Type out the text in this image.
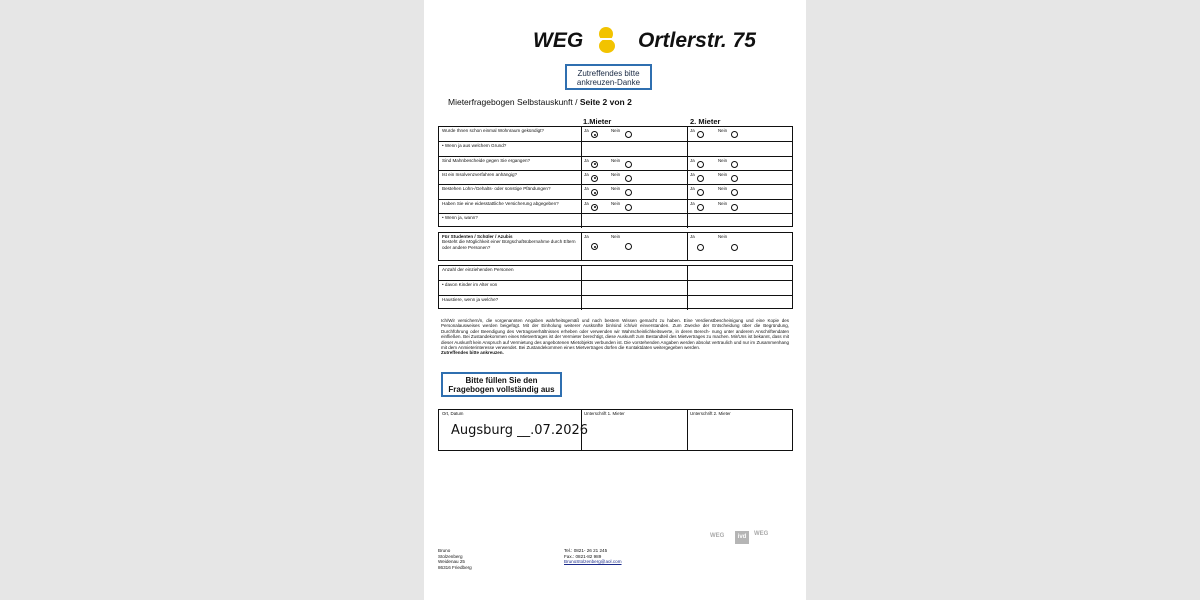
WEG	Ortlerstr. 75
Zutreffendes bitte
ankreuzen-Danke
Mieterfragebogen Selbstauskunft / Seite 2 von 2
1.Mieter	2. Mieter
Wurde Ihnen schon einmal Wohnraum gekündigt?	Ja	Nein	Ja	Nein
• Wenn ja aus welchem Grund?
Sind Mahnbescheide gegen Sie ergangen?	Ja	Nein	Ja	Nein
Ist ein Insolvenzverfahren anhängig?	Ja	Nein	Ja	Nein
Bestehen Lohn-/Gehalts- oder sonstige Pfändungen?	Ja	Nein	Ja	Nein
Haben Sie eine eidesstattliche Versicherung abgegeben?	Ja	Nein	Ja	Nein
• Wenn ja, wann?
Für Studenten / Schüler / Azubis
Besteht die Möglichkeit einer Bürgschaftsübernahme durch Eltern oder andere Personen?
Ja	Nein	Ja	Nein
Anzahl der einziehenden Personen
• davon Kinder im Alter von
Haustiere, wenn ja welche?
Ich/Wir versichern/n, die vorgenannten Angaben wahrheitsgemäß und nach bestem Wissen gemacht zu haben. Eine Verdienstbescheinigung und eine Kopie des Personalausweises werden beigefügt. Mit der Einholung weiterer Auskünfte bin/sind ich/wir einverstanden. Zum Zwecke der Entscheidung über die Begründung, Durchführung oder Beendigung des Vertragsverhältnisses erheben oder verwenden wir Wahrscheinlichkeitswerte, in deren Berech- nung unter anderem Anschriftendaten einfließen. Bei Zustandekommen eines Mietvertrages ist der Vermieter berechtigt, diese Auskunft zum Bestandteil des Mietvertrages zu machen. Mir/Uns ist bekannt, dass mit dieser Auskunft kein Anspruch auf Vermietung des angebotenen Mietobjekts verbunden ist. Die vorstehenden Angaben werden absolut vertraulich und nur im Zusammenhang mit dem Anmieterinteresse verwendet. Bei Zustandekommen eines Mietvertrages dürfen die Kontaktdaten weitergegeben werden.
Zutreffendes bitte ankreuzen.
Bitte füllen Sie den
Fragebogen vollständig aus
Ort, Datum	Unterschrift 1. Mieter	Unterschrift 2. Mieter
Augsburg __.07.2026
WEG	ivd	WEG
Bruno
Stolzenberg
Weidenau 25
86316 Friedberg
Tel.: 0821- 26 21 245
Fax.: 0821-82 989
BrunoStolzenberg@aol.com
